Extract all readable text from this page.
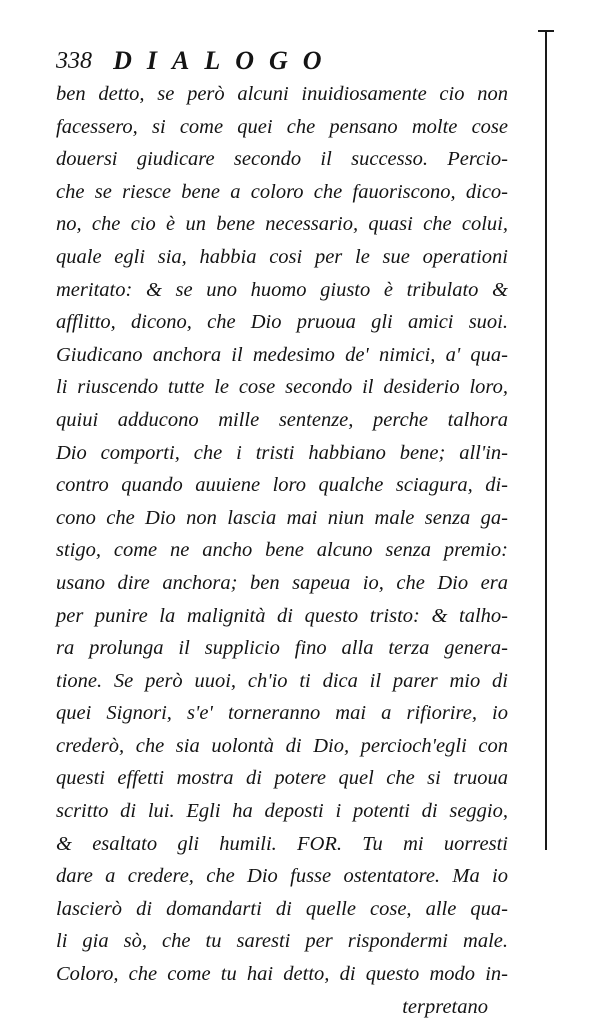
338 DIALOGO
ben detto, se però alcuni inuidiosamente cio non
facessero, si come quei che pensano molte cose
douersi giudicare secondo il successo. Percio-
che se riesce bene a coloro che fauoriscono, dico-
no, che cio è un bene necessario, quasi che colui,
quale egli sia, habbia cosi per le sue operationi
meritato: & se uno huomo giusto è tribulato &
afflitto, dicono, che Dio pruoua gli amici suoi.
Giudicano anchora il medesimo de' nimici, a' qua-
li riuscendo tutte le cose secondo il desiderio loro,
quiui adducono mille sentenze, perche talhora
Dio comporti, che i tristi habbiano bene; all'in-
contro quando auuiene loro qualche sciagura, di-
cono che Dio non lascia mai niun male senza ga-
stigo, come ne ancho bene alcuno senza premio:
usano dire anchora; ben sapeua io, che Dio era
per punire la malignità di questo tristo: & talho-
ra prolunga il supplicio fino alla terza genera-
tione. Se però uuoi, ch'io ti dica il parer mio di
quei Signori, s'e' torneranno mai a rifiorire, io
crederò, che sia uolontà di Dio, percioch'egli con
questi effetti mostra di potere quel che si truoua
scritto di lui. Egli ha deposti i potenti di seggio,
& esaltato gli humili. FOR. Tu mi uorresti
dare a credere, che Dio fusse ostentatore. Ma io
lascierò di domandarti di quelle cose, alle qua-
li gia sò, che tu saresti per rispondermi male.
Coloro, che come tu hai detto, di questo modo in-
terpretano
